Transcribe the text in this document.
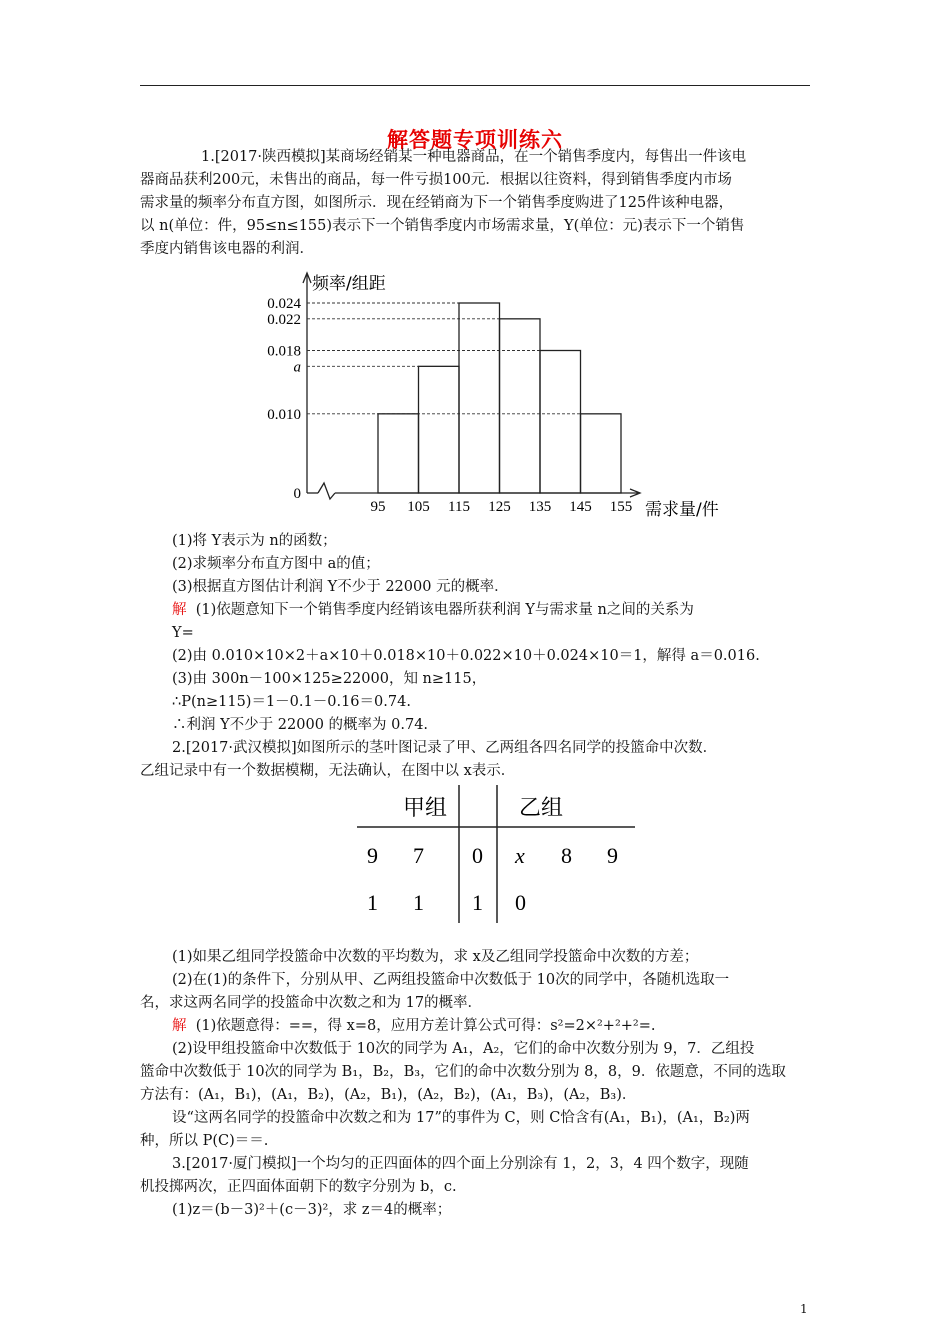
解答题专项训练六

1.[2017·陕西模拟]某商场经销某一种电器商品，在一个销售季度内，每售出一件该电

器商品获利200元，未售出的商品，每一件亏损100元．根据以往资料，得到销售季度内市场

需求量的频率分布直方图，如图所示．现在经销商为下一个销售季度购进了125件该种电器，

以 n(单位：件，95≤n≤155)表示下一个销售季度内市场需求量，Y(单位：元)表示下一个销售

季度内销售该电器的利润．

频率/组距
需求量/件
0.024
0.022
0.018
a
0.010
0
95 105 115 125 135 145 155

(1)将 Y表示为 n的函数；

(2)求频率分布直方图中 a的值；

(3)根据直方图估计利润 Y不少于 22000 元的概率．

解 (1)依题意知下一个销售季度内经销该电器所获利润 Y与需求量 n之间的关系为

Y=

(2)由 0.010×10×2＋a×10＋0.018×10＋0.022×10＋0.024×10＝1，解得 a＝0.016.

(3)由 300n－100×125≥22000，知 n≥115，

∴P(n≥115)＝1－0.1－0.16＝0.74.

∴利润 Y不少于 22000 的概率为 0.74.

2.[2017·武汉模拟]如图所示的茎叶图记录了甲、乙两组各四名同学的投篮命中次数．

乙组记录中有一个数据模糊，无法确认，在图中以 x表示．

甲组	乙组
9 7 0 x 8 9
1 1 1 0

(1)如果乙组同学投篮命中次数的平均数为，求 x及乙组同学投篮命中次数的方差；

(2)在(1)的条件下，分别从甲、乙两组投篮命中次数低于 10次的同学中，各随机选取一

名，求这两名同学的投篮命中次数之和为 17的概率．

解 (1)依题意得：==，得 x=8，应用方差计算公式可得：s²=2×²+²+²=.

(2)设甲组投篮命中次数低于 10次的同学为 A₁，A₂，它们的命中次数分别为 9，7．乙组投

篮命中次数低于 10次的同学为 B₁，B₂，B₃，它们的命中次数分别为 8，8，9．依题意，不同的选取

方法有：(A₁，B₁)，(A₁，B₂)，(A₂，B₁)，(A₂，B₂)，(A₁，B₃)，(A₂，B₃)．

设“这两名同学的投篮命中次数之和为 17”的事件为 C，则 C恰含有(A₁，B₁)，(A₁，B₂)两

种，所以 P(C)＝＝.

3.[2017·厦门模拟]一个均匀的正四面体的四个面上分别涂有 1，2，3，4 四个数字，现随

机投掷两次，正四面体面朝下的数字分别为 b，c.

(1)z＝(b－3)²＋(c－3)²，求 z＝4的概率；

1
